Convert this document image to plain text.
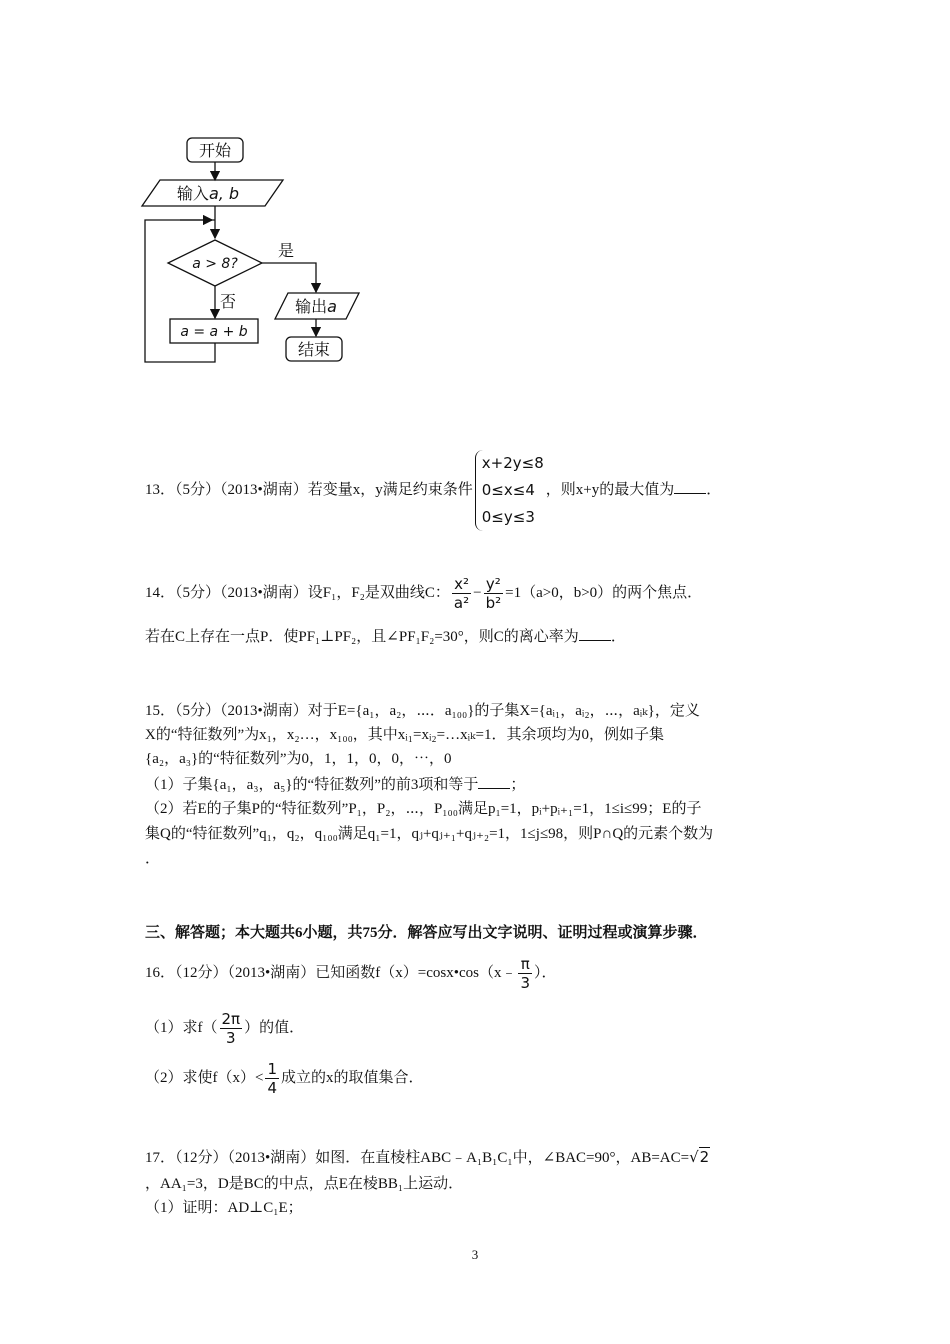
开始
输入a, b
a > 8?
是
否
a = a + b
输出a
结束
13．（5分）（2013•湖南）若变量x，y满足约束条件
x+2y≤8
0≤x≤4
0≤y≤3
，则x+y的最大值为 ．
14．（5分）（2013•湖南）设F₁，F₂是双曲线C： $\frac{\text{x²}}{\text{a²}} - \frac{\text{y²}}{\text{b²}} =1(a>0$，b>0）的两个焦点．
若在C上存在一点P．使PF₁⊥PF₂，且∠PF₁F₂=30°，则C的离心率为 ．
15．（5分）（2013•湖南）对于E={a₁，a₂，⋯．a₁₀₀}的子集X={aᵢ₁，aᵢ₂，⋯，aᵢₖ}，定义
X的“特征数列”为x₁，x₂…，x₁₀₀，其中xᵢ₁=xᵢ₂=…xᵢₖ=1．其余项均为0，例如子集
{a₂，a₃}的“特征数列”为0，1，1，0，0，⋯，0
（1）子集{a₁，a₃，a₅}的“特征数列”的前3项和等于 ；
（2）若E的子集P的“特征数列”P₁，P₂，⋯，P₁₀₀满足p₁=1，pᵢ+pᵢ₊₁=1，1≤i≤99；E的子
集Q的“特征数列”q₁，q₂，q₁₀₀满足q₁=1，qⱼ+qⱼ₊₁+qⱼ₊₂=1，1≤j≤98，则P∩Q的元素个数为
．
三、解答题；本大题共6小题，共75分．解答应写出文字说明、证明过程或演算步骤．
16．（12分）（2013•湖南）已知函数f（x）=cosx•cos（x﹣ $\frac{\pi}{3}$ ）．
（1）求$f( \frac{2\pi}{3}$ ）的值．
（2）求使$f(x)< \frac{1}{4}$ 成立的x的取值集合．
17．（12分）（2013•湖南）如图．在直棱柱ABC﹣A₁B₁C₁中，∠BAC=90°，AB=AC=√2
，AA₁=3，D是BC的中点，点E在棱BB₁上运动．
（1）证明：AD⊥C₁E；
3
